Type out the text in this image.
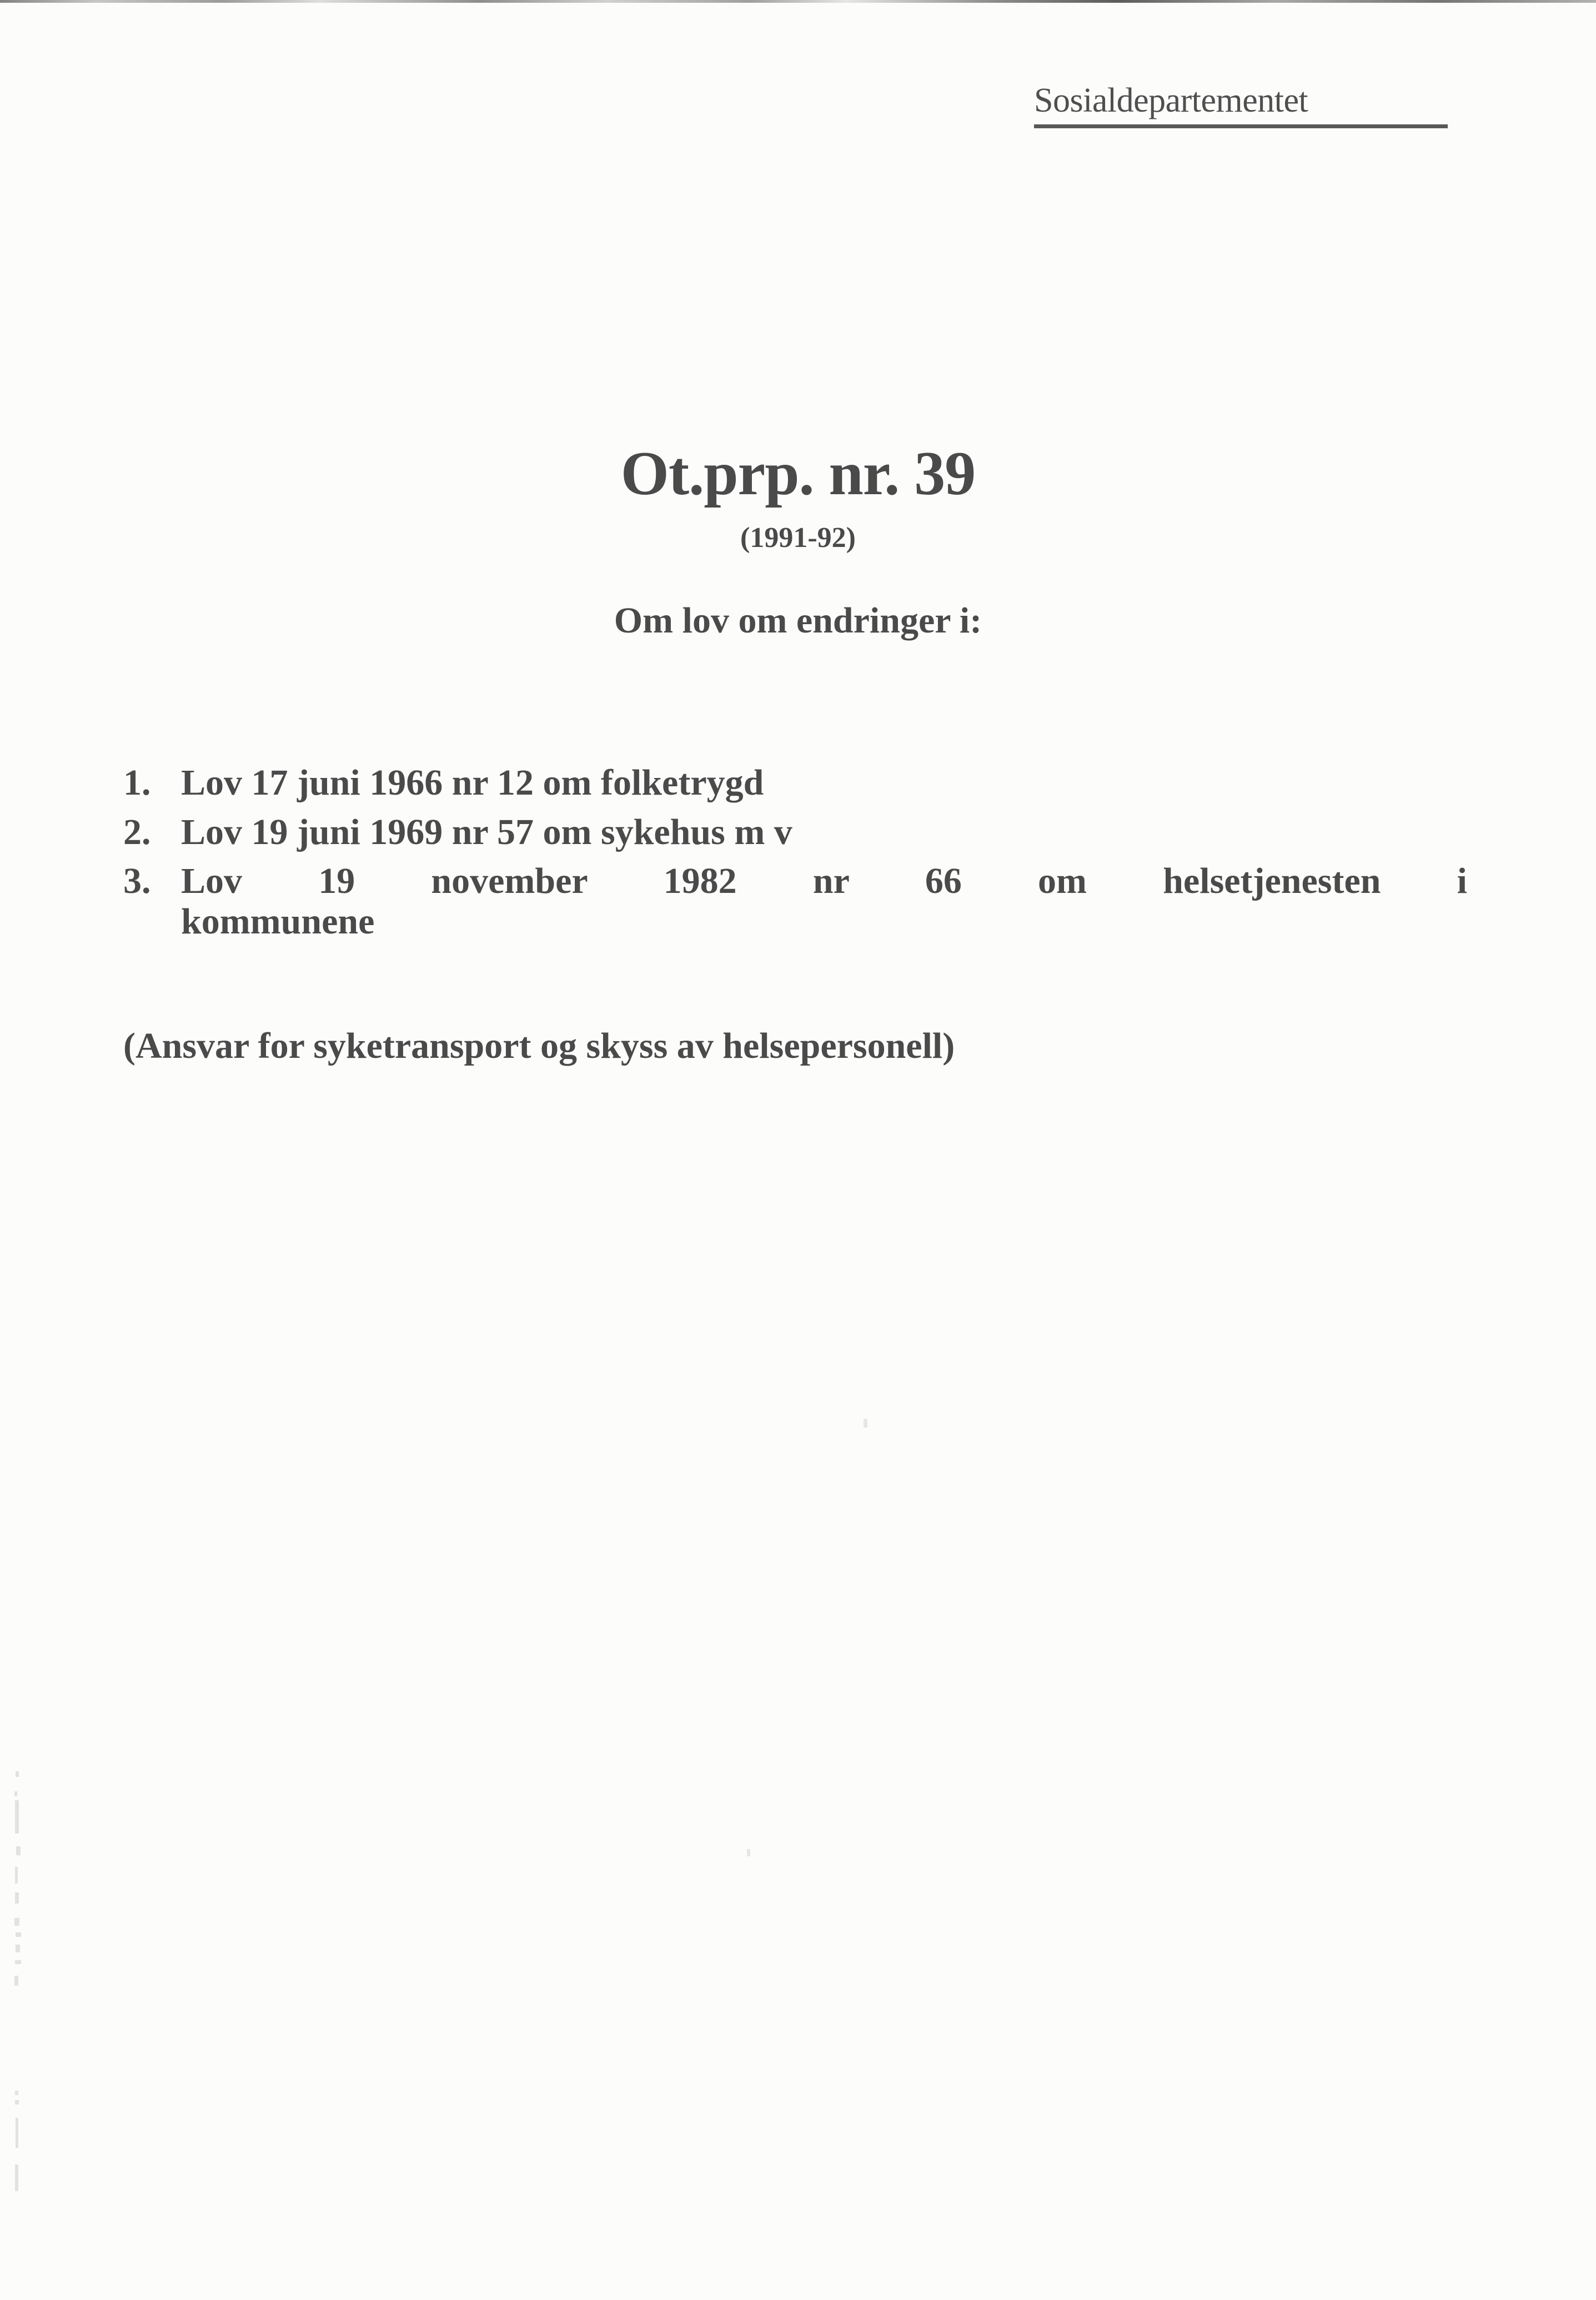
Sosialdepartementet
Ot.prp. nr. 39
(1991-92)
Om lov om endringer i:
1. Lov 17 juni 1966 nr 12 om folketrygd
2. Lov 19 juni 1969 nr 57 om sykehus m v
3. Lov 19 november 1982 nr 66 om helsetjenesten i
kommunene
(Ansvar for syketransport og skyss av helsepersonell)
